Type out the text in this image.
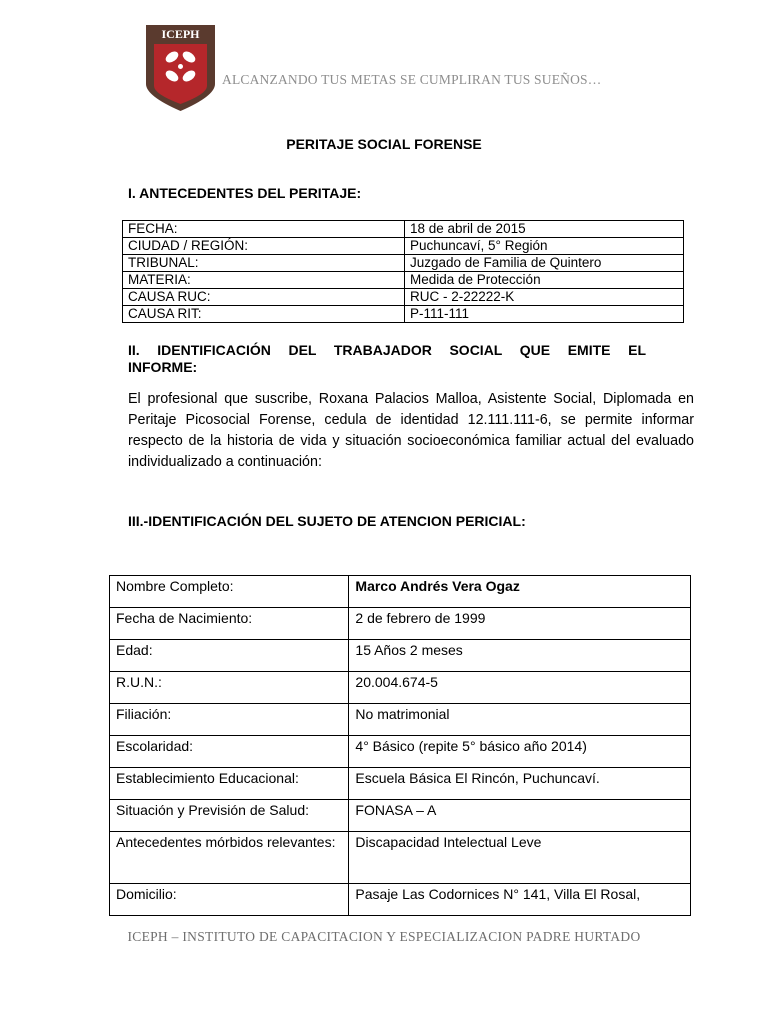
ICEPH
ALCANZANDO TUS METAS SE CUMPLIRAN TUS SUEÑOS…
PERITAJE SOCIAL FORENSE
I. ANTECEDENTES DEL PERITAJE:
FECHA:	18 de abril de 2015
CIUDAD / REGIÓN:	Puchuncaví, 5° Región
TRIBUNAL:	Juzgado de Familia de Quintero
MATERIA:	Medida de Protección
CAUSA RUC:	RUC - 2-22222-K
CAUSA RIT:	P-111-111
II. IDENTIFICACIÓN DEL TRABAJADOR SOCIAL QUE EMITE EL
INFORME:
El profesional que suscribe, Roxana Palacios Malloa, Asistente Social, Diplomada en Peritaje Picosocial Forense, cedula de identidad 12.111.111-6, se permite informar respecto de la historia de vida y situación socioeconómica familiar actual del evaluado individualizado a continuación:
III.-IDENTIFICACIÓN DEL SUJETO DE ATENCION PERICIAL:
Nombre Completo:	Marco Andrés Vera Ogaz
Fecha de Nacimiento:	2 de febrero de 1999
Edad:	15 Años 2 meses
R.U.N.:	20.004.674-5
Filiación:	No matrimonial
Escolaridad:	4° Básico (repite 5° básico año 2014)
Establecimiento Educacional:	Escuela Básica El Rincón, Puchuncaví.
Situación y Previsión de Salud:	FONASA – A
Antecedentes mórbidos relevantes:	Discapacidad Intelectual Leve
Domicilio:	Pasaje Las Codornices N° 141, Villa El Rosal,
ICEPH – INSTITUTO DE CAPACITACION Y ESPECIALIZACION PADRE HURTADO
